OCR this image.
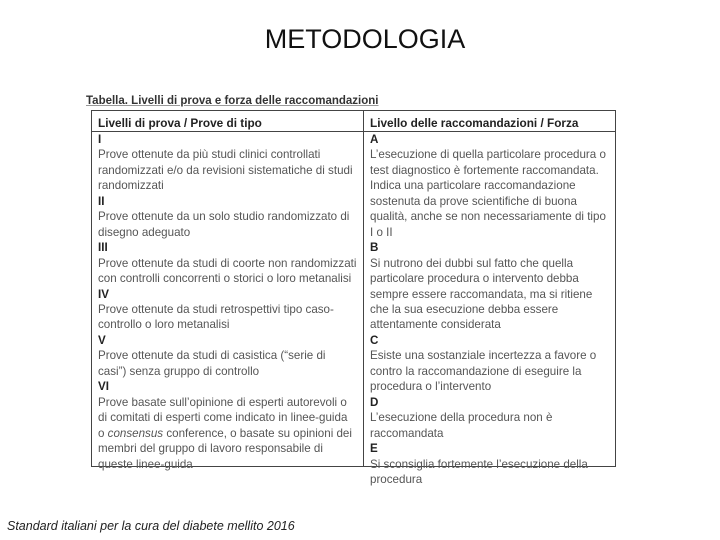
METODOLOGIA
Tabella. Livelli di prova e forza delle raccomandazioni
Livelli di prova / Prove di tipo
I
Prove ottenute da più studi clinici controllati
randomizzati e/o da revisioni sistematiche di studi
randomizzati
II
Prove ottenute da un solo studio randomizzato di
disegno adeguato
III
Prove ottenute da studi di coorte non randomizzati
con controlli concorrenti o storici o loro metanalisi
IV
Prove ottenute da studi retrospettivi tipo caso-
controllo o loro metanalisi
V
Prove ottenute da studi di casistica (“serie di
casi”) senza gruppo di controllo
VI
Prove basate sull’opinione di esperti autorevoli o
di comitati di esperti come indicato in linee-guida
o consensus conference, o basate su opinioni dei
membri del gruppo di lavoro responsabile di
queste linee-guida
Livello delle raccomandazioni / Forza
A
L’esecuzione di quella particolare procedura o
test diagnostico è fortemente raccomandata.
Indica una particolare raccomandazione
sostenuta da prove scientifiche di buona
qualità, anche se non necessariamente di tipo
I o II
B
Si nutrono dei dubbi sul fatto che quella
particolare procedura o intervento debba
sempre essere raccomandata, ma si ritiene
che la sua esecuzione debba essere
attentamente considerata
C
Esiste una sostanziale incertezza a favore o
contro la raccomandazione di eseguire la
procedura o l’intervento
D
L’esecuzione della procedura non è
raccomandata
E
Si sconsiglia fortemente l’esecuzione della
procedura
Standard italiani per la cura del diabete mellito 2016
